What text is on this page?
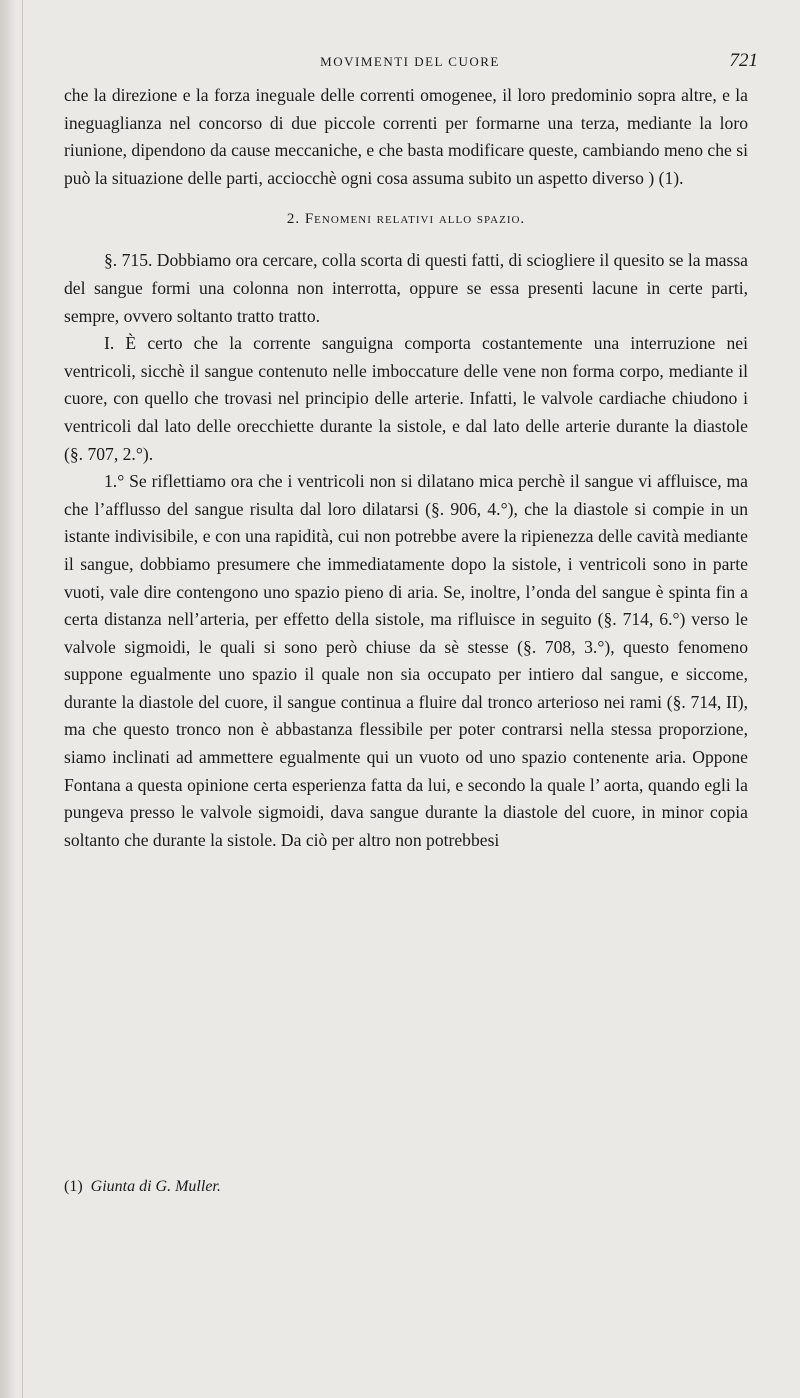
MOVIMENTI DEL CUORE	721

che la direzione e la forza ineguale delle correnti omogenee, il loro predominio sopra altre, e la ineguaglianza nel concorso di due piccole correnti per formarne una terza, mediante la loro riunione, dipendono da cause meccaniche, e che basta modificare queste, cambiando meno che si può la situazione delle parti, acciocchè ogni cosa assuma subito un aspetto diverso ) (1).

2. Fenomeni relativi allo spazio.

§. 715. Dobbiamo ora cercare, colla scorta di questi fatti, di sciogliere il quesito se la massa del sangue formi una colonna non interrotta, oppure se essa presenti lacune in certe parti, sempre, ovvero soltanto tratto tratto.

I. È certo che la corrente sanguigna comporta costantemente una interruzione nei ventricoli, sicchè il sangue contenuto nelle imboccature delle vene non forma corpo, mediante il cuore, con quello che trovasi nel principio delle arterie. Infatti, le valvole cardiache chiudono i ventricoli dal lato delle orecchiette durante la sistole, e dal lato delle arterie durante la diastole (§. 707, 2.°).

1.° Se riflettiamo ora che i ventricoli non si dilatano mica perchè il sangue vi affluisce, ma che l’afflusso del sangue risulta dal loro dilatarsi (§. 906, 4.°), che la diastole si compie in un istante indivisibile, e con una rapidità, cui non potrebbe avere la ripienezza delle cavità mediante il sangue, dobbiamo presumere che immediatamente dopo la sistole, i ventricoli sono in parte vuoti, vale dire contengono uno spazio pieno di aria. Se, inoltre, l’onda del sangue è spinta fin a certa distanza nell’arteria, per effetto della sistole, ma rifluisce in seguito (§. 714, 6.°) verso le valvole sigmoidi, le quali si sono però chiuse da sè stesse (§. 708, 3.°), questo fenomeno suppone egualmente uno spazio il quale non sia occupato per intiero dal sangue, e siccome, durante la diastole del cuore, il sangue continua a fluire dal tronco arterioso nei rami (§. 714, II), ma che questo tronco non è abbastanza flessibile per poter contrarsi nella stessa proporzione, siamo inclinati ad ammettere egualmente qui un vuoto od uno spazio contenente aria. Oppone Fontana a questa opinione certa esperienza fatta da lui, e secondo la quale l’ aorta, quando egli la pungeva presso le valvole sigmoidi, dava sangue durante la diastole del cuore, in minor copia soltanto che durante la sistole. Da ciò per altro non potrebbesi

(1) Giunta di G. Muller.
